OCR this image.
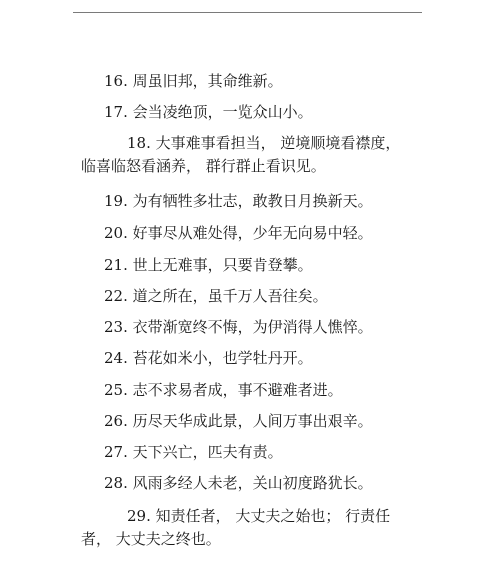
16. 周虽旧邦，其命维新。
17. 会当凌绝顶，一览众山小。
18. 大事难事看担当， 逆境顺境看襟度， 临喜临怒看涵养， 群行群止看识见。
19. 为有牺牲多壮志，敢教日月换新天。
20. 好事尽从难处得，少年无向易中轻。
21. 世上无难事，只要肯登攀。
22. 道之所在，虽千万人吾往矣。
23. 衣带渐宽终不悔，为伊消得人憔悴。
24. 苔花如米小，也学牡丹开。
25. 志不求易者成，事不避难者进。
26. 历尽天华成此景，人间万事出艰辛。
27. 天下兴亡，匹夫有责。
28. 风雨多经人未老，关山初度路犹长。
29. 知责任者， 大丈夫之始也； 行责任者， 大丈夫之终也。
